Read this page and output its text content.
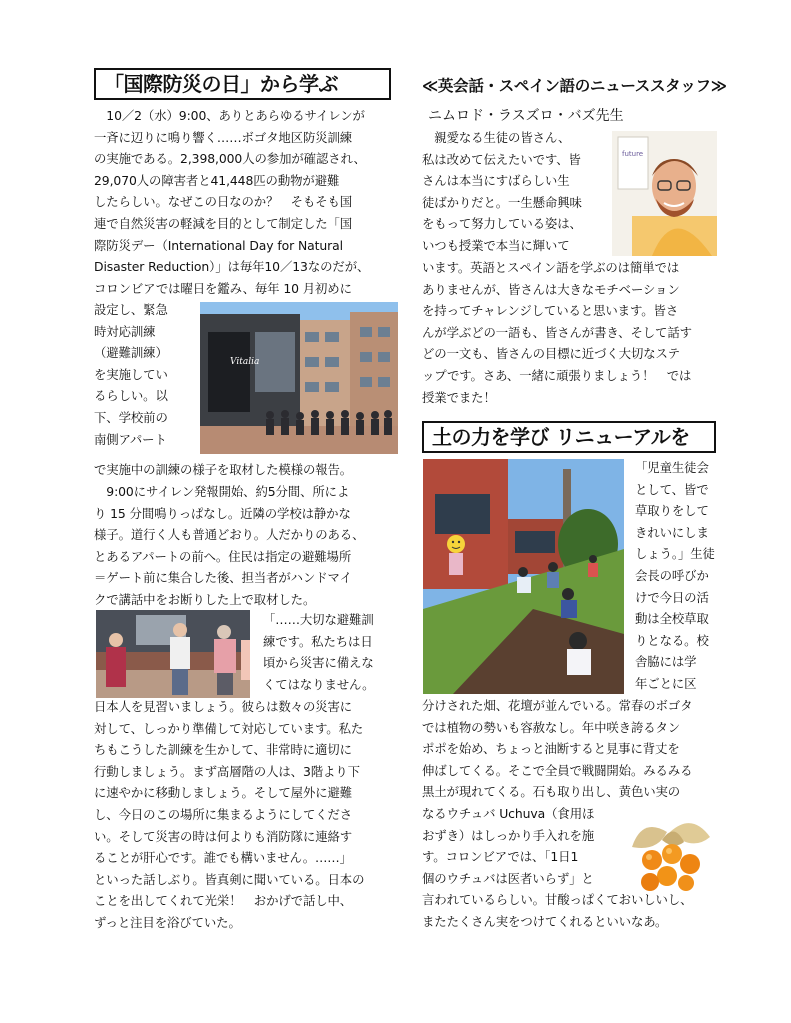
「国際防災の日」から学ぶ
　10／2（水）9:00、ありとあらゆるサイレンが
一斉に辺りに鳴り響く……ボゴタ地区防災訓練
の実施である。2,398,000人の参加が確認され、
29,070人の障害者と41,448匹の動物が避難
したらしい。なぜこの日なのか？　そもそも国
連で自然災害の軽減を目的として制定した「国
際防災デー（International Day for Natural
Disaster Reduction）」は毎年10／13なのだが、
コロンビアでは曜日を鑑み、毎年 10 月初めに
設定し、緊急
時対応訓練
（避難訓練）
を実施してい
るらしい。以
下、学校前の
南側アパート
Vitalia
で実施中の訓練の様子を取材した模様の報告。
　9:00にサイレン発報開始、約5分間、所によ
り 15 分間鳴りっぱなし。近隣の学校は静かな
様子。道行く人も普通どおり。人だかりのある、
とあるアパートの前へ。住民は指定の避難場所
＝ゲート前に集合した後、担当者がハンドマイ
クで講話中をお断りした上で取材した。
「……大切な避難訓
練です。私たちは日
頃から災害に備えな
くてはなりません。
日本人を見習いましょう。彼らは数々の災害に
対して、しっかり準備して対応しています。私た
ちもこうした訓練を生かして、非常時に適切に
行動しましょう。まず高層階の人は、3階より下
に速やかに移動しましょう。そして屋外に避難
し、今日のこの場所に集まるようにしてくださ
い。そして災害の時は何よりも消防隊に連絡す
ることが肝心です。誰でも構いません。……」
といった話しぶり。皆真剣に聞いている。日本の
ことを出してくれて光栄！　おかげで話し中、
ずっと注目を浴びていた。
≪英会話・スペイン語のニューススタッフ≫
ニムロド・ラスズロ・バズ先生
　親愛なる生徒の皆さん、
私は改めて伝えたいです、皆
さんは本当にすばらしい生
徒ばかりだと。一生懸命興味
をもって努力している姿は、
いつも授業で本当に輝いて
future
います。英語とスペイン語を学ぶのは簡単では
ありませんが、皆さんは大きなモチベーション
を持ってチャレンジしていると思います。皆さ
んが学ぶどの一語も、皆さんが書き、そして話す
どの一文も、皆さんの目標に近づく大切なステ
ップです。さあ、一緒に頑張りましょう！　では
授業でまた！
土の力を学び リニューアルを
「児童生徒会
として、皆で
草取りをして
きれいにしま
しょう。」生徒
会長の呼びか
けで今日の活
動は全校草取
りとなる。校
舎脇には学
年ごとに区
分けされた畑、花壇が並んでいる。常春のボゴタ
では植物の勢いも容赦なし。年中咲き誇るタン
ポポを始め、ちょっと油断すると見事に背丈を
伸ばしてくる。そこで全員で戦闘開始。みるみる
黒土が現れてくる。石も取り出し、黄色い実の
なるウチュバ Uchuva（食用ほ
おずき）はしっかり手入れを施
す。コロンビアでは、「1日1
個のウチュバは医者いらず」と
言われているらしい。甘酸っぱくておいしいし、
またたくさん実をつけてくれるといいなあ。
